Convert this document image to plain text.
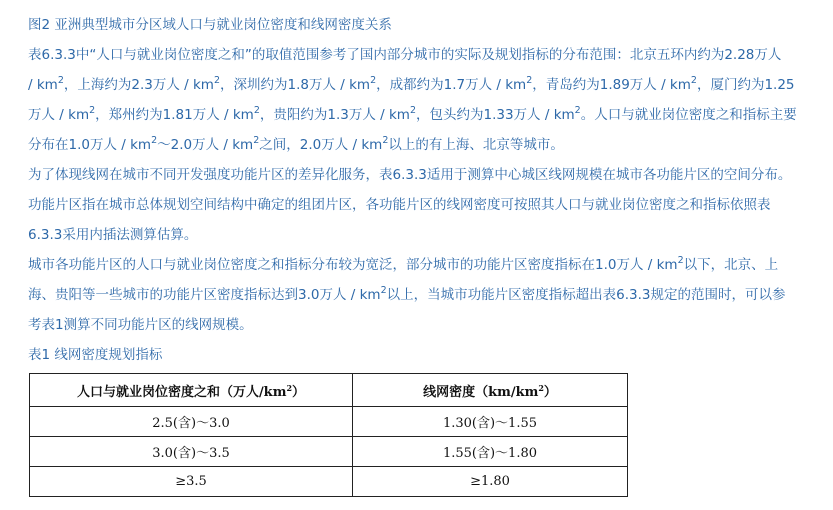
图2 亚洲典型城市分区域人口与就业岗位密度和线网密度关系

表6.3.3中“人口与就业岗位密度之和”的取值范围参考了国内部分城市的实际及规划指标的分布范围：北京五环内约为2.28万人
/ $km^2$，上海约为2.3万人 / $km^2$，深圳约为1.8万人 / $km^2$，成都约为1.7万人 / $km^2$，青岛约为1.89万人 / $km^2$，厦门约为1.25
万人 / $km^2$，郑州约为1.81万人 / $km^2$，贵阳约为1.3万人 / $km^2$，包头约为1.33万人 / $km^2$。人口与就业岗位密度之和指标主要
分布在1.0万人 / $km^2\sim 2.0$万人 / $km^2$之间，2.0万人 / $km^2$以上的有上海、北京等城市。

为了体现线网在城市不同开发强度功能片区的差异化服务，表6.3.3适用于测算中心城区线网规模在城市各功能片区的空间分布。

功能片区指在城市总体规划空间结构中确定的组团片区，各功能片区的线网密度可按照其人口与就业岗位密度之和指标依照表
6.3.3采用内插法测算估算。

城市各功能片区的人口与就业岗位密度之和指标分布较为宽泛，部分城市的功能片区密度指标在1.0万人 / $km^2$以下，北京、上
海、贵阳等一些城市的功能片区密度指标达到3.0万人 / $km^2$以上，当城市功能片区密度指标超出表6.3.3规定的范围时，可以参
考表1测算不同功能片区的线网规模。

表1 线网密度规划指标

人口与就业岗位密度之和（万人$/km^2$）	线网密度$(km/km^2)$
2.5(含)～3.0	1.30(含)～1.55
3.0(含)～3.5	1.55(含)～1.80
≥3.5	≥1.80
